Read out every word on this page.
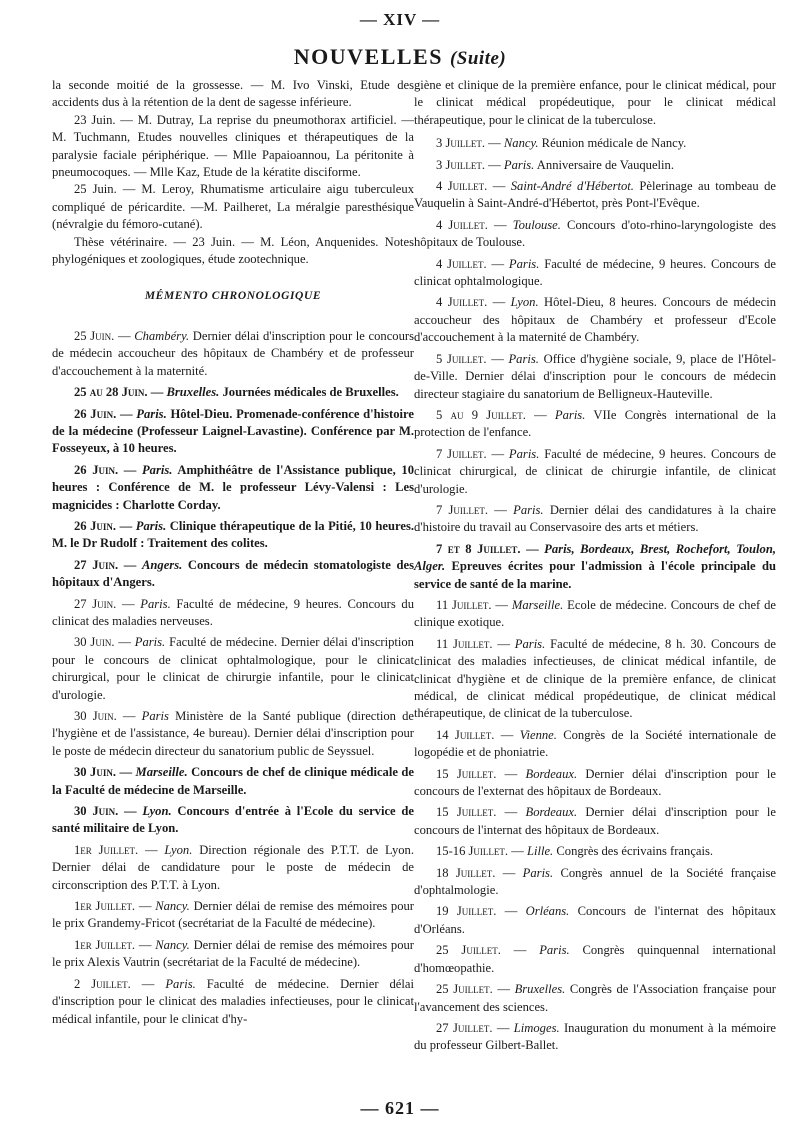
— XIV —
NOUVELLES (Suite)

la seconde moitié de la grossesse. — M. Ivo Vinski, Etude des accidents dus à la rétention de la dent de sagesse inférieure.

23 Juin. — M. Dutray, La reprise du pneumothorax artificiel. — M. Tuchmann, Etudes nouvelles cliniques et thérapeutiques de la paralysie faciale périphérique. — Mlle Papaioannou, La péritonite à pneumocoques. — Mlle Kaz, Etude de la kératite disciforme.

25 Juin. — M. Leroy, Rhumatisme articulaire aigu tuberculeux compliqué de péricardite. —M. Pailheret, La méralgie paresthésique (névralgie du fémoro-cutané).

Thèse vétérinaire. — 23 Juin. — M. Léon, Anquenides. Notes phylogéniques et zoologiques, étude zootechnique.

MÉMENTO CHRONOLOGIQUE

25 Juin. — Chambéry. Dernier délai d'inscription pour le concours de médecin accoucheur des hôpitaux de Chambéry et de professeur d'accouchement à la maternité.

25 au 28 Juin. — Bruxelles. Journées médicales de Bruxelles.

26 Juin. — Paris. Hôtel-Dieu. Promenade-conférence d'histoire de la médecine (Professeur Laignel-Lavastine). Conférence par M. Fosseyeux, à 10 heures.

26 Juin. — Paris. Amphithéâtre de l'Assistance publique, 10 heures : Conférence de M. le professeur Lévy-Valensi : Les magnicides : Charlotte Corday.

26 Juin. — Paris. Clinique thérapeutique de la Pitié, 10 heures. M. le Dr Rudolf : Traitement des colites.

27 Juin. — Angers. Concours de médecin stomatologiste des hôpitaux d'Angers.

27 Juin. — Paris. Faculté de médecine, 9 heures. Concours du clinicat des maladies nerveuses.

30 Juin. — Paris. Faculté de médecine. Dernier délai d'inscription pour le concours de clinicat ophtalmologique, pour le clinicat chirurgical, pour le clinicat de chirurgie infantile, pour le clinicat d'urologie.

30 Juin. — Paris Ministère de la Santé publique (direction de l'hygiène et de l'assistance, 4e bureau). Dernier délai d'inscription pour le poste de médecin directeur du sanatorium public de Seyssuel.

30 Juin. — Marseille. Concours de chef de clinique médicale de la Faculté de médecine de Marseille.

30 Juin. — Lyon. Concours d'entrée à l'Ecole du service de santé militaire de Lyon.

1er Juillet. — Lyon. Direction régionale des P.T.T. de Lyon. Dernier délai de candidature pour le poste de médecin de circonscription des P.T.T. à Lyon.

1er Juillet. — Nancy. Dernier délai de remise des mémoires pour le prix Grandemy-Fricot (secrétariat de la Faculté de médecine).

1er Juillet. — Nancy. Dernier délai de remise des mémoires pour le prix Alexis Vautrin (secrétariat de la Faculté de médecine).

2 Juillet. — Paris. Faculté de médecine. Dernier délai d'inscription pour le clinicat des maladies infectieuses, pour le clinicat médical infantile, pour le clinicat d'hy-

giène et clinique de la première enfance, pour le clinicat médical, pour le clinicat médical propédeutique, pour le clinicat médical thérapeutique, pour le clinicat de la tuberculose.

3 Juillet. — Nancy. Réunion médicale de Nancy.

3 Juillet. — Paris. Anniversaire de Vauquelin.

4 Juillet. — Saint-André d'Hébertot. Pèlerinage au tombeau de Vauquelin à Saint-André-d'Hébertot, près Pont-l'Evêque.

4 Juillet. — Toulouse. Concours d'oto-rhino-laryngologiste des hôpitaux de Toulouse.

4 Juillet. — Paris. Faculté de médecine, 9 heures. Concours de clinicat ophtalmologique.

4 Juillet. — Lyon. Hôtel-Dieu, 8 heures. Concours de médecin accoucheur des hôpitaux de Chambéry et professeur d'Ecole d'accouchement à la maternité de Chambéry.

5 Juillet. — Paris. Office d'hygiène sociale, 9, place de l'Hôtel-de-Ville. Dernier délai d'inscription pour le concours de médecin directeur stagiaire du sanatorium de Belligneux-Hauteville.

5 au 9 Juillet. — Paris. VIIe Congrès international de la protection de l'enfance.

7 Juillet. — Paris. Faculté de médecine, 9 heures. Concours de clinicat chirurgical, de clinicat de chirurgie infantile, de clinicat d'urologie.

7 Juillet. — Paris. Dernier délai des candidatures à la chaire d'histoire du travail au Conservasoire des arts et métiers.

7 et 8 Juillet. — Paris, Bordeaux, Brest, Rochefort, Toulon, Alger. Epreuves écrites pour l'admission à l'école principale du service de santé de la marine.

11 Juillet. — Marseille. Ecole de médecine. Concours de chef de clinique exotique.

11 Juillet. — Paris. Faculté de médecine, 8 h. 30. Concours de clinicat des maladies infectieuses, de clinicat médical infantile, de clinicat d'hygiène et de clinique de la première enfance, de clinicat médical, de clinicat médical propédeutique, de clinicat médical thérapeutique, de clinicat de la tuberculose.

14 Juillet. — Vienne. Congrès de la Société internationale de logopédie et de phoniatrie.

15 Juillet. — Bordeaux. Dernier délai d'inscription pour le concours de l'externat des hôpitaux de Bordeaux.

15 Juillet. — Bordeaux. Dernier délai d'inscription pour le concours de l'internat des hôpitaux de Bordeaux.

15-16 Juillet. — Lille. Congrès des écrivains français.

18 Juillet. — Paris. Congrès annuel de la Société française d'ophtalmologie.

19 Juillet. — Orléans. Concours de l'internat des hôpitaux d'Orléans.

25 Juillet. — Paris. Congrès quinquennal international d'homœopathie.

25 Juillet. — Bruxelles. Congrès de l'Association française pour l'avancement des sciences.

27 Juillet. — Limoges. Inauguration du monument à la mémoire du professeur Gilbert-Ballet.

— 621 —
